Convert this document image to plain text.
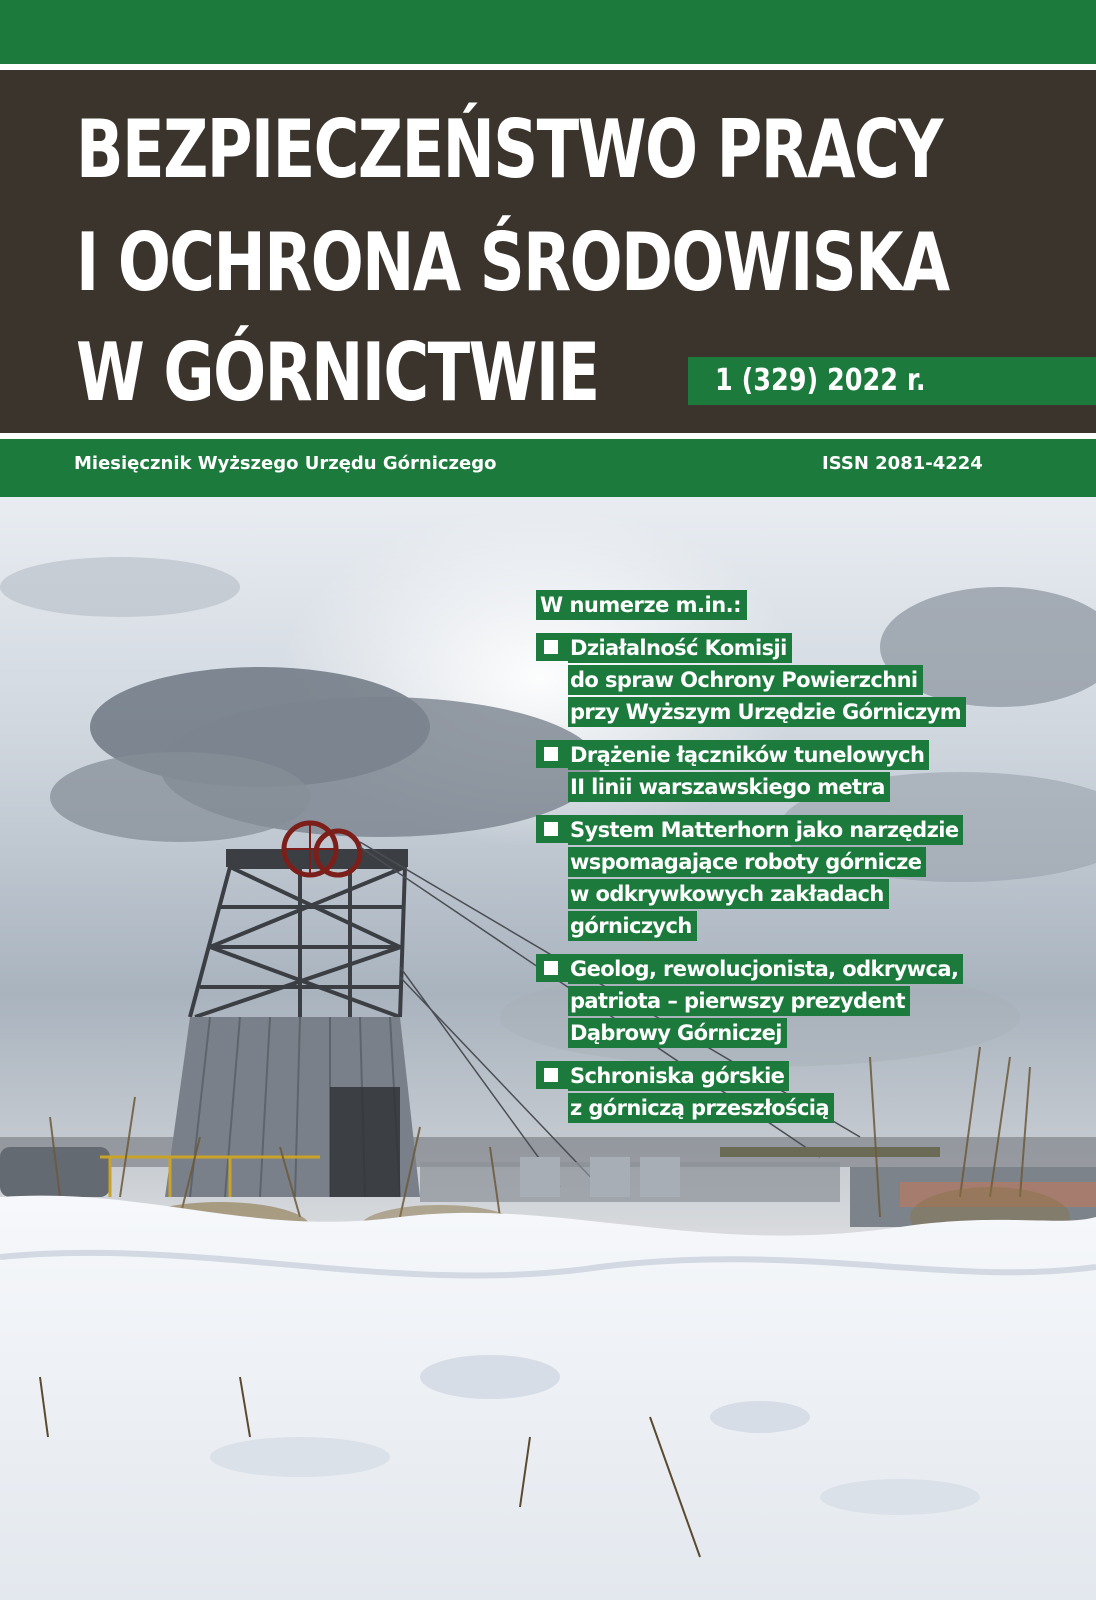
BEZPIECZEŃSTWO PRACY
I OCHRONA ŚRODOWISKA
W GÓRNICTWIE	1 (329) 2022 r.
Miesięcznik Wyższego Urzędu Górniczego	ISSN 2081-4224
W numerze m.in.:
Działalność Komisji
do spraw Ochrony Powierzchni
przy Wyższym Urzędzie Górniczym
Drążenie łączników tunelowych
II linii warszawskiego metra
System Matterhorn jako narzędzie
wspomagające roboty górnicze
w odkrywkowych zakładach
górniczych
Geolog, rewolucjonista, odkrywca,
patriota – pierwszy prezydent
Dąbrowy Górniczej
Schroniska górskie
z górniczą przeszłością
